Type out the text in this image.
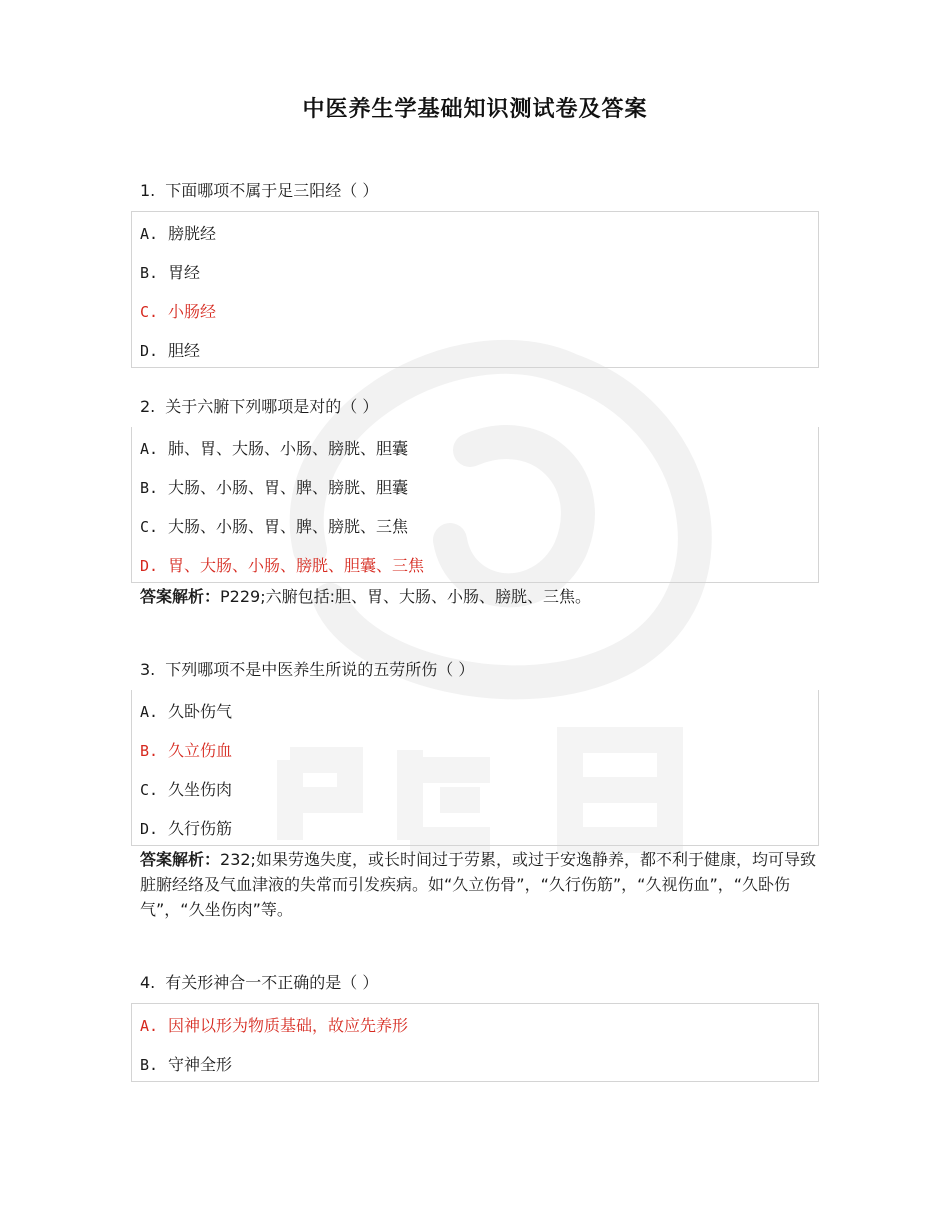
中医养生学基础知识测试卷及答案
1. 下面哪项不属于足三阳经（ ）
A. 膀胱经
B. 胃经
C. 小肠经
D. 胆经
2. 关于六腑下列哪项是对的（ ）
A. 肺、胃、大肠、小肠、膀胱、胆囊
B. 大肠、小肠、胃、脾、膀胱、胆囊
C. 大肠、小肠、胃、脾、膀胱、三焦
D. 胃、大肠、小肠、膀胱、胆囊、三焦
答案解析：P229;六腑包括:胆、胃、大肠、小肠、膀胱、三焦。
3. 下列哪项不是中医养生所说的五劳所伤（ ）
A. 久卧伤气
B. 久立伤血
C. 久坐伤肉
D. 久行伤筋
答案解析：232;如果劳逸失度，或长时间过于劳累，或过于安逸静养，都不利于健康，均可导致脏腑经络及气血津液的失常而引发疾病。如“久立伤骨”，“久行伤筋”，“久视伤血”，“久卧伤气”，“久坐伤肉”等。
4. 有关形神合一不正确的是（ ）
A. 因神以形为物质基础，故应先养形
B. 守神全形
